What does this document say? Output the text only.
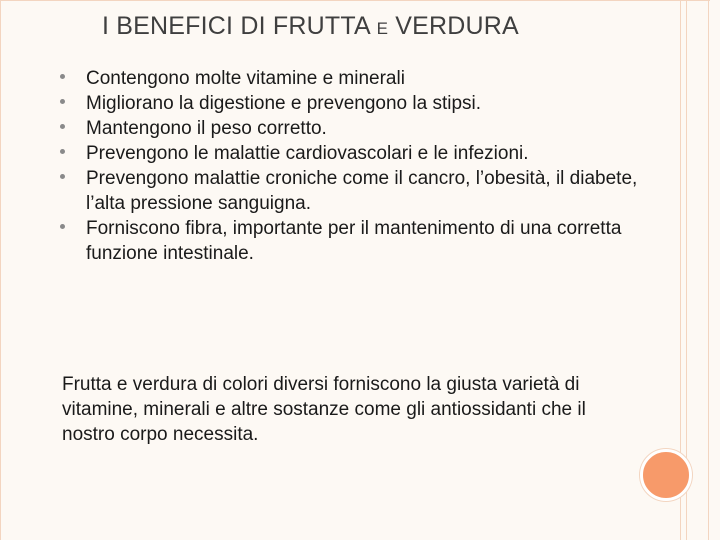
I BENEFICI DI FRUTTA E VERDURA
Contengono molte vitamine e minerali
Migliorano la digestione e prevengono la stipsi.
Mantengono il peso corretto.
Prevengono le malattie cardiovascolari e le infezioni.
Prevengono malattie croniche come il cancro, l’obesità, il diabete, l’alta pressione sanguigna.
Forniscono fibra, importante per il mantenimento di una corretta funzione intestinale.

Frutta e verdura di colori diversi forniscono la giusta varietà di vitamine, minerali e altre sostanze come gli antiossidanti che il nostro corpo necessita.
